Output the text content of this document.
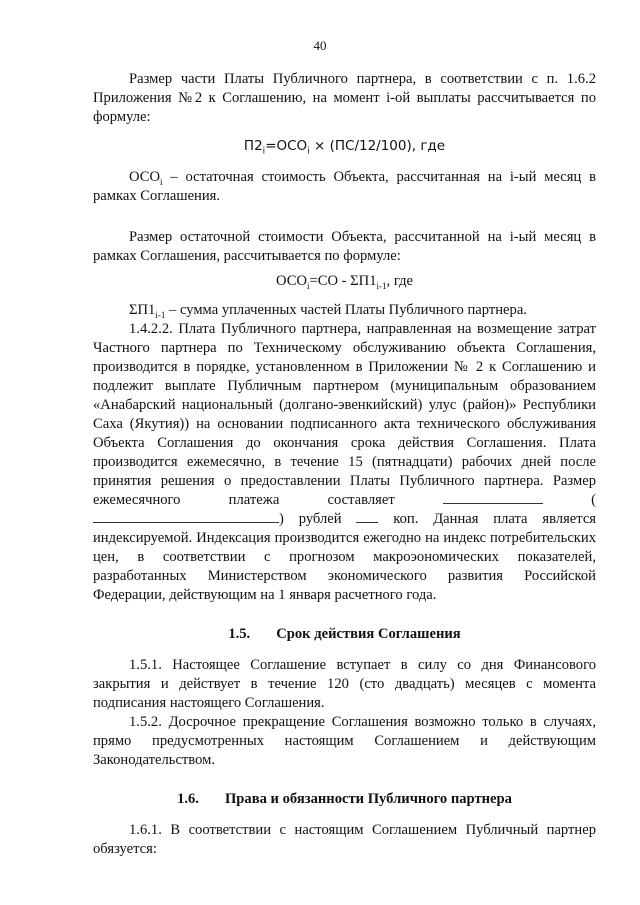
40

Размер части Платы Публичного партнера, в соответствии с п. 1.6.2 Приложения №2 к Соглашению, на момент i-ой выплаты рассчитывается по формуле:

$П2_i=ОСО_i \times (ПС/12/100)$, где

$ОСО_i$ – остаточная стоимость Объекта, рассчитанная на i-ый месяц в рамках Соглашения.

Размер остаточной стоимости Объекта, рассчитанной на i-ый месяц в рамках Соглашения, рассчитывается по формуле:

$ОСО_i=СО - \Sigma П1_{i-1}$, где

$\Sigma П1_{i-1}$ – сумма уплаченных частей Платы Публичного партнера.

1.4.2.2. Плата Публичного партнера, направленная на возмещение затрат Частного партнера по Техническому обслуживанию объекта Соглашения, производится в порядке, установленном в Приложении № 2 к Соглашению и подлежит выплате Публичным партнером (муниципальным образованием «Анабарский национальный (долгано-эвенкийский) улус (район)» Республики Саха (Якутия)) на основании подписанного акта технического обслуживания Объекта Соглашения до окончания срока действия Соглашения. Плата производится ежемесячно, в течение 15 (пятнадцати) рабочих дней после принятия решения о предоставлении Платы Публичного партнера. Размер ежемесячного платежа составляет	() рублей  коп. Данная плата является индексируемой. Индексация производится ежегодно на индекс потребительских цен, в соответствии с прогнозом макроэономических показателей, разработанных Министерством экономического развития Российской Федерации, действующим на 1 января расчетного года.

1.5. Срок действия Соглашения

1.5.1. Настоящее Соглашение вступает в силу со дня Финансового закрытия и действует в течение 120 (сто двадцать) месяцев с момента подписания настоящего Соглашения.

1.5.2. Досрочное прекращение Соглашения возможно только в случаях, прямо предусмотренных настоящим Соглашением и действующим Законодательством.

1.6. Права и обязанности Публичного партнера

1.6.1. В соответствии с настоящим Соглашением Публичный партнер обязуется:
